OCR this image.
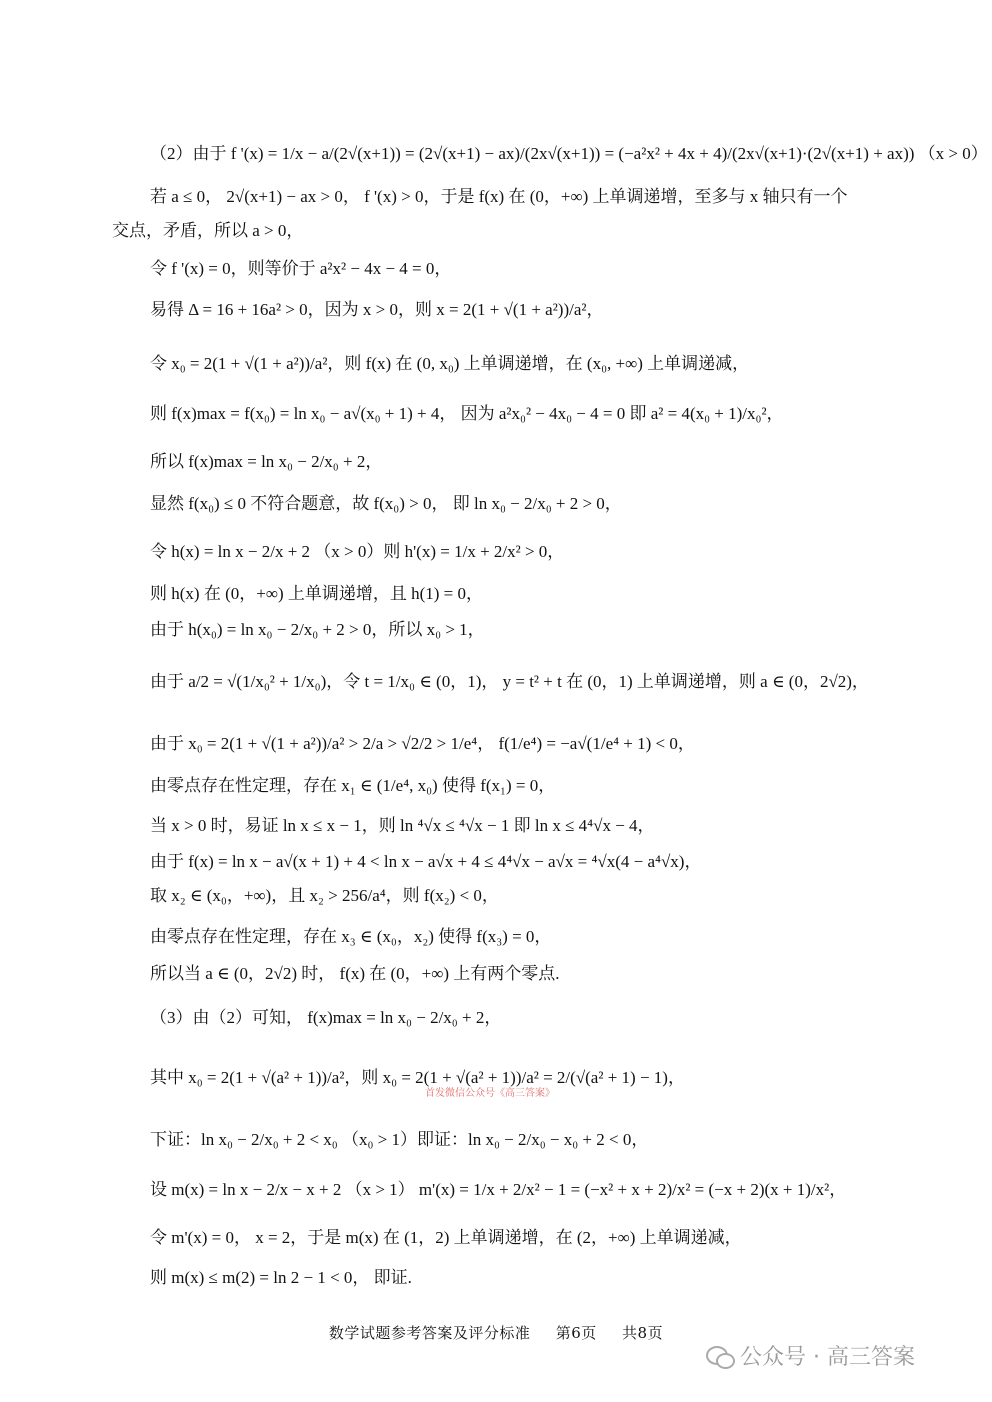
（2）由于 f '(x) = 1/x − a/(2√(x+1)) = (2√(x+1) − ax)/(2x√(x+1)) = (−a²x² + 4x + 4)/(2x√(x+1)·(2√(x+1) + ax)) （x > 0）
若 a ≤ 0， 2√(x+1) − ax > 0， f '(x) > 0，于是 f(x) 在 (0，+∞) 上单调递增，至多与 x 轴只有一个
交点，矛盾，所以 a > 0，
令 f '(x) = 0，则等价于 a²x² − 4x − 4 = 0，
易得 Δ = 16 + 16a² > 0，因为 x > 0，则 x = 2(1 + √(1 + a²))/a²，
令 x₀ = 2(1 + √(1 + a²))/a²，则 f(x) 在 (0, x₀) 上单调递增，在 (x₀, +∞) 上单调递减，
则 f(x)max = f(x₀) = ln x₀ − a√(x₀ + 1) + 4， 因为 a²x₀² − 4x₀ − 4 = 0 即 a² = 4(x₀ + 1)/x₀²，
所以 f(x)max = ln x₀ − 2/x₀ + 2，
显然 f(x₀) ≤ 0 不符合题意，故 f(x₀) > 0， 即 ln x₀ − 2/x₀ + 2 > 0，
令 h(x) = ln x − 2/x + 2 （x > 0）则 h'(x) = 1/x + 2/x² > 0，
则 h(x) 在 (0，+∞) 上单调递增，且 h(1) = 0，
由于 h(x₀) = ln x₀ − 2/x₀ + 2 > 0，所以 x₀ > 1，
由于 a/2 = √(1/x₀² + 1/x₀)，令 t = 1/x₀ ∈ (0，1)， y = t² + t 在 (0，1) 上单调递增，则 a ∈ (0，2√2)，
由于 x₀ = 2(1 + √(1 + a²))/a² > 2/a > √2/2 > 1/e⁴， f(1/e⁴) = −a√(1/e⁴ + 1) < 0，
由零点存在性定理，存在 x₁ ∈ (1/e⁴, x₀) 使得 f(x₁) = 0，
当 x > 0 时，易证 ln x ≤ x − 1，则 ln ⁴√x ≤ ⁴√x − 1 即 ln x ≤ 4⁴√x − 4，
由于 f(x) = ln x − a√(x + 1) + 4 < ln x − a√x + 4 ≤ 4⁴√x − a√x = ⁴√x(4 − a⁴√x)，
取 x₂ ∈ (x₀，+∞)，且 x₂ > 256/a⁴，则 f(x₂) < 0，
由零点存在性定理，存在 x₃ ∈ (x₀，x₂) 使得 f(x₃) = 0，
所以当 a ∈ (0，2√2) 时， f(x) 在 (0，+∞) 上有两个零点.
（3）由（2）可知， f(x)max = ln x₀ − 2/x₀ + 2，
其中 x₀ = 2(1 + √(a² + 1))/a²，则 x₀ = 2(1 + √(a² + 1))/a² = 2/(√(a² + 1) − 1)，
下证：ln x₀ − 2/x₀ + 2 < x₀ （x₀ > 1）即证：ln x₀ − 2/x₀ − x₀ + 2 < 0，
设 m(x) = ln x − 2/x − x + 2 （x > 1） m'(x) = 1/x + 2/x² − 1 = (−x² + x + 2)/x² = (−x + 2)(x + 1)/x²，
令 m'(x) = 0， x = 2，于是 m(x) 在 (1，2) 上单调递增，在 (2，+∞) 上单调递减，
则 m(x) ≤ m(2) = ln 2 − 1 < 0， 即证.
首发微信公众号《高三答案》
数学试题参考答案及评分标准 第6页 共8页
公众号 · 高三答案
